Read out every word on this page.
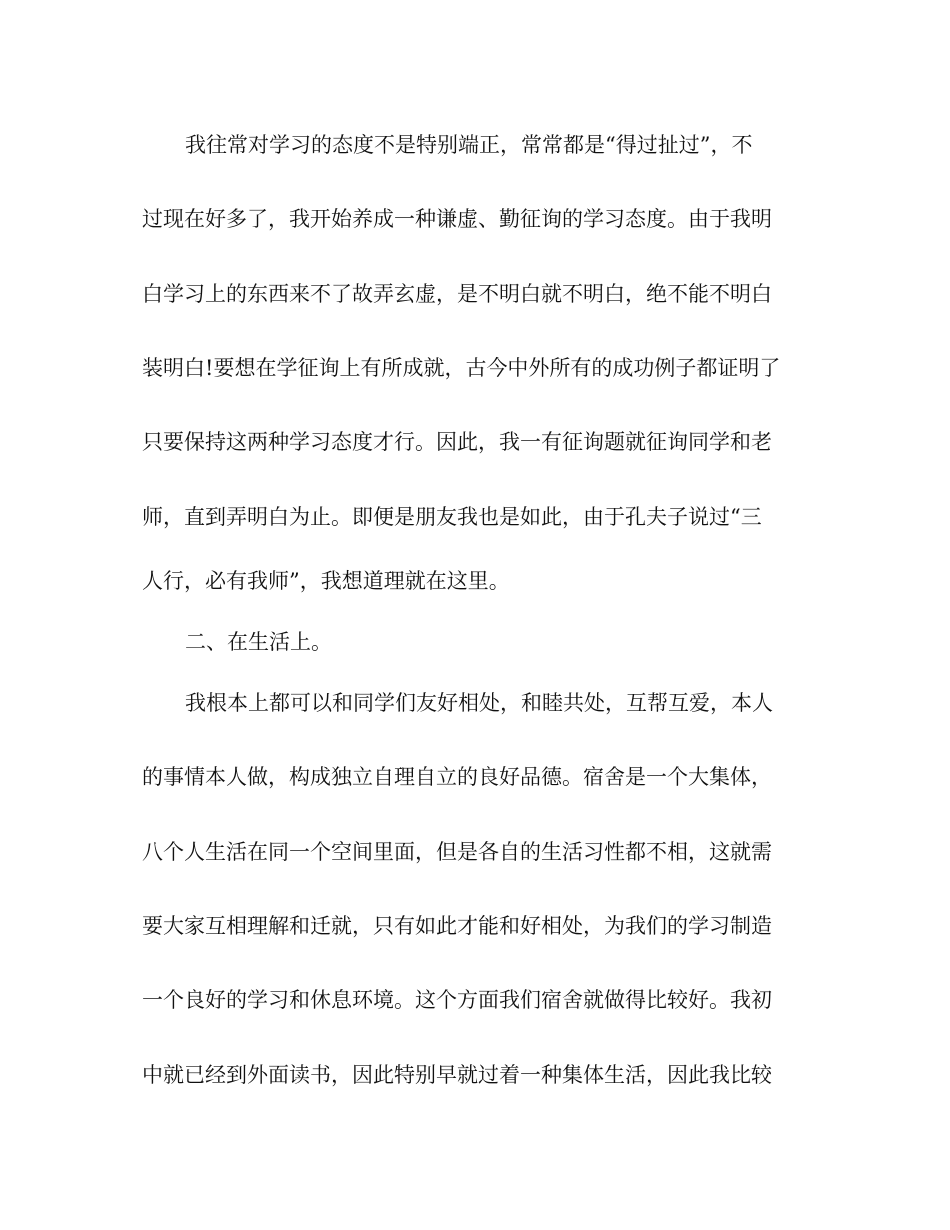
我往常对学习的态度不是特别端正，常常都是“得过扯过”，不
过现在好多了，我开始养成一种谦虚、勤征询的学习态度。由于我明
白学习上的东西来不了故弄玄虚，是不明白就不明白，绝不能不明白
装明白!要想在学征询上有所成就，古今中外所有的成功例子都证明了
只要保持这两种学习态度才行。因此，我一有征询题就征询同学和老
师，直到弄明白为止。即便是朋友我也是如此，由于孔夫子说过“三
人行，必有我师”，我想道理就在这里。
二、在生活上。
我根本上都可以和同学们友好相处，和睦共处，互帮互爱，本人
的事情本人做，构成独立自理自立的良好品德。宿舍是一个大集体，
八个人生活在同一个空间里面，但是各自的生活习性都不相，这就需
要大家互相理解和迁就，只有如此才能和好相处，为我们的学习制造
一个良好的学习和休息环境。这个方面我们宿舍就做得比较好。我初
中就已经到外面读书，因此特别早就过着一种集体生活，因此我比较
